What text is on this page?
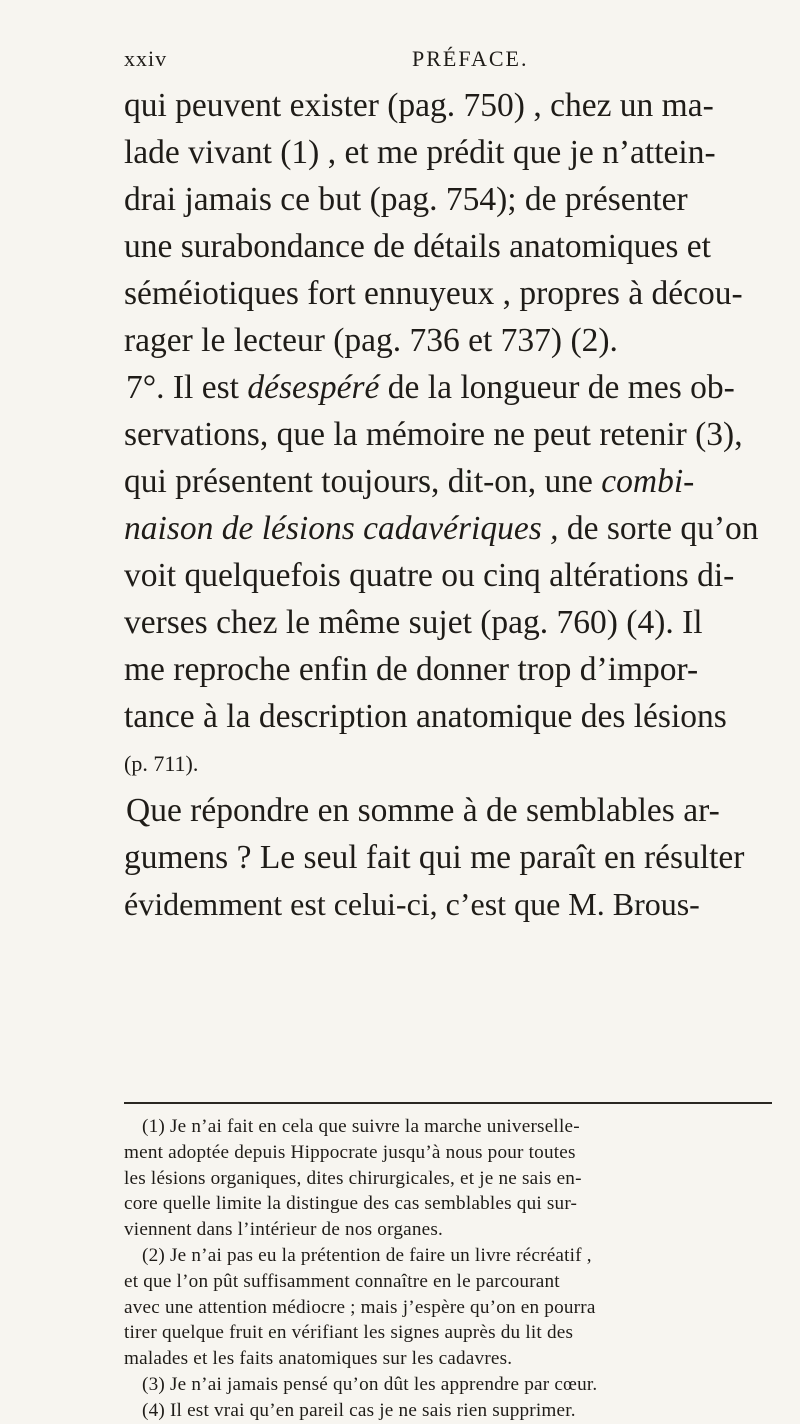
xxiv	PRÉFACE.
qui peuvent exister (pag. 750) , chez un ma-
lade vivant (1) , et me prédit que je n’attein-
drai jamais ce but (pag. 754); de présenter
une surabondance de détails anatomiques et
séméiotiques fort ennuyeux , propres à décou-
rager le lecteur (pag. 736 et 737) (2).
7°. Il est désespéré de la longueur de mes ob-
servations, que la mémoire ne peut retenir (3),
qui présentent toujours, dit-on, une combi-
naison de lésions cadavériques , de sorte qu’on
voit quelquefois quatre ou cinq altérations di-
verses chez le même sujet (pag. 760) (4). Il
me reproche enfin de donner trop d’impor-
tance à la description anatomique des lésions
(p. 711).
Que répondre en somme à de semblables ar-
gumens ? Le seul fait qui me paraît en résulter
évidemment est celui-ci, c’est que M. Brous-
(1) Je n’ai fait en cela que suivre la marche universelle-
ment adoptée depuis Hippocrate jusqu’à nous pour toutes
les lésions organiques, dites chirurgicales, et je ne sais en-
core quelle limite la distingue des cas semblables qui sur-
viennent dans l’intérieur de nos organes.
(2) Je n’ai pas eu la prétention de faire un livre récréatif ,
et que l’on pût suffisamment connaître en le parcourant
avec une attention médiocre ; mais j’espère qu’on en pourra
tirer quelque fruit en vérifiant les signes auprès du lit des
malades et les faits anatomiques sur les cadavres.
(3) Je n’ai jamais pensé qu’on dût les apprendre par cœur.
(4) Il est vrai qu’en pareil cas je ne sais rien supprimer.
